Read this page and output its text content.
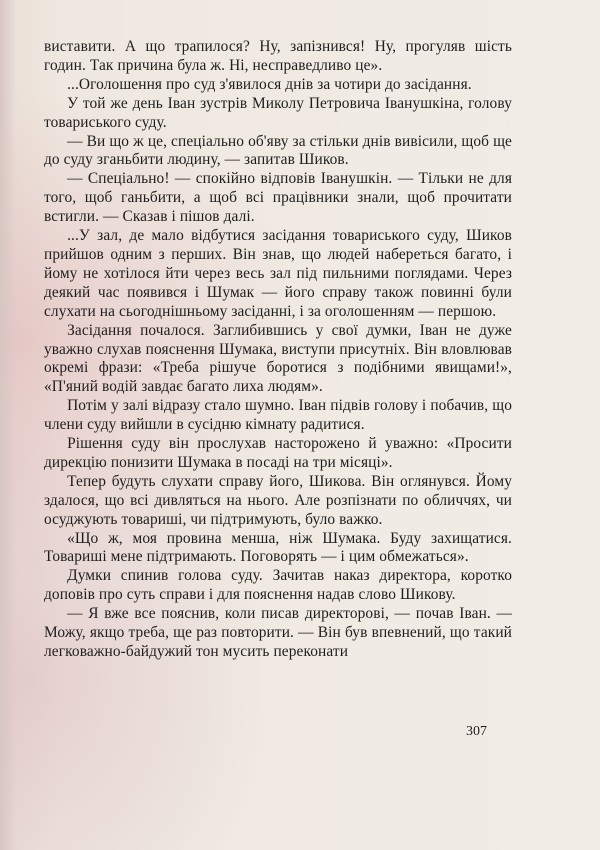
виставити. А що трапилося? Ну, запізнився! Ну, прогуляв шість годин. Так причина була ж. Ні, несправедливо це».

...Оголошення про суд з'явилося днів за чотири до засідання.

У той же день Іван зустрів Миколу Петровича Іванушкіна, голову товариського суду.

— Ви що ж це, спеціально об'яву за стільки днів вивісили, щоб ще до суду зганьбити людину, — запитав Шиков.

— Спеціально! — спокійно відповів Іванушкін. — Тільки не для того, щоб ганьбити, а щоб всі працівники знали, щоб прочитати встигли. — Сказав і пішов далі.

...У зал, де мало відбутися засідання товариського суду, Шиков прийшов одним з перших. Він знав, що людей набереться багато, і йому не хотілося йти через весь зал під пильними поглядами. Через деякий час появився і Шумак — його справу також повинні були слухати на сьогоднішньому засіданні, і за оголошенням — першою.

Засідання почалося. Заглибившись у свої думки, Іван не дуже уважно слухав пояснення Шумака, виступи присутніх. Він вловлював окремі фрази: «Треба рішуче боротися з подібними явищами!», «П'яний водій завдає багато лиха людям».

Потім у залі відразу стало шумно. Іван підвів голову і побачив, що члени суду вийшли в сусідню кімнату радитися.

Рішення суду він прослухав насторожено й уважно: «Просити дирекцію понизити Шумака в посаді на три місяці».

Тепер будуть слухати справу його, Шикова. Він оглянувся. Йому здалося, що всі дивляться на нього. Але розпізнати по обличчях, чи осуджують товариші, чи підтримують, було важко.

«Що ж, моя провина менша, ніж Шумака. Буду захищатися. Товариші мене підтримають. Поговорять — і цим обмежаться».

Думки спинив голова суду. Зачитав наказ директора, коротко доповів про суть справи і для пояснення надав слово Шикову.

— Я вже все пояснив, коли писав директорові, — почав Іван. — Можу, якщо треба, ще раз повторити. — Він був впевнений, що такий легковажно-байдужий тон мусить переконати

307
